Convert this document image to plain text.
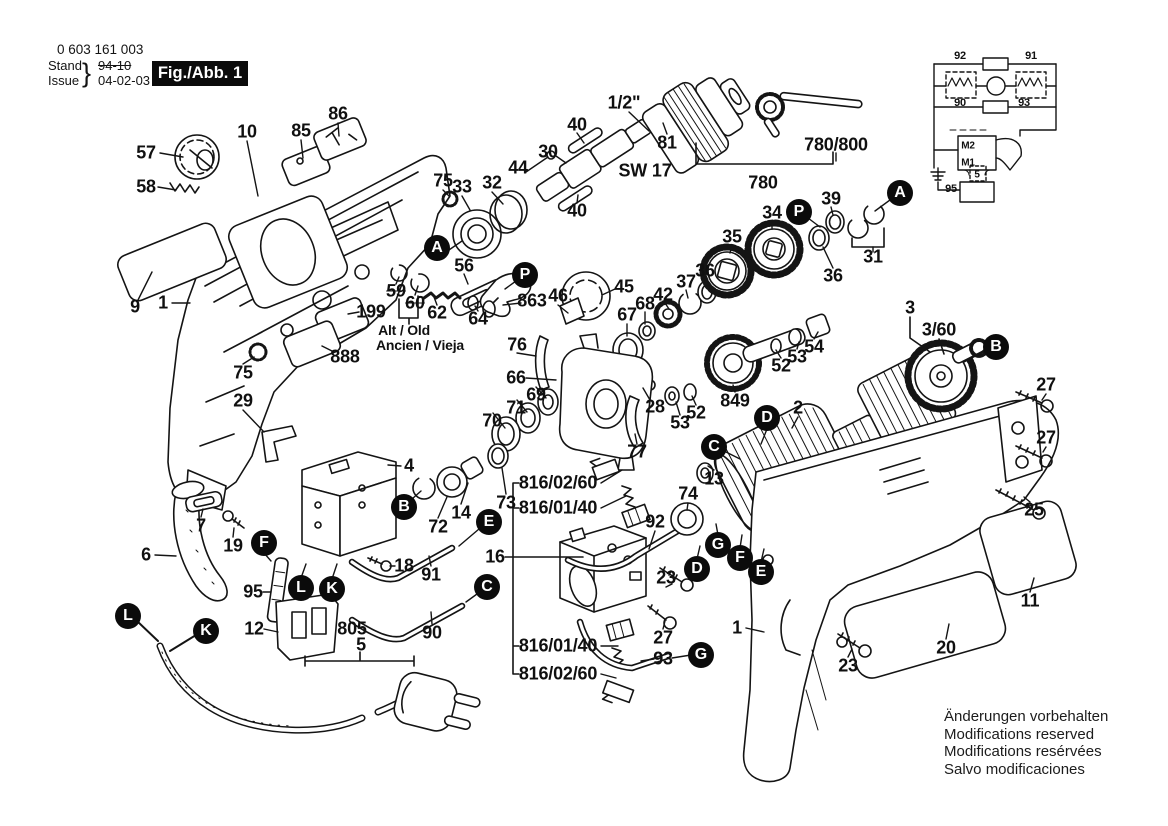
57
58
10 85
86
9 1
75
29
7
19
6
95
12	805
5
75 33 32
44
40
30
1/2"
81
SW 17
40
780/800
780
39
34
35
36
37
42
31
36
45
46
67
68
56
863
64
62
59
60
199
Alt / Old
Ancien / Vieja
888
76
66
69
71
70
77
28
53
52
849
52
53
54
3
3/60
2
27
27
25
13
74
4
72
14 73
18 91
16
90
816/02/60
816/01/40
816/01/40
816/02/60
92
23
27
93
1
23
20
11
92	91
90	93
M2
M1
5
95
A
P
A
P
B
B
C
C
D
D
E
E
F
F	G
G
K
K
L
L
0 603 161 003
Stand
Issue } 94-10
04-02-03 Fig./Abb. 1
Änderungen vorbehalten
Modifications reserved
Modifications resérvées
Salvo modificaciones
